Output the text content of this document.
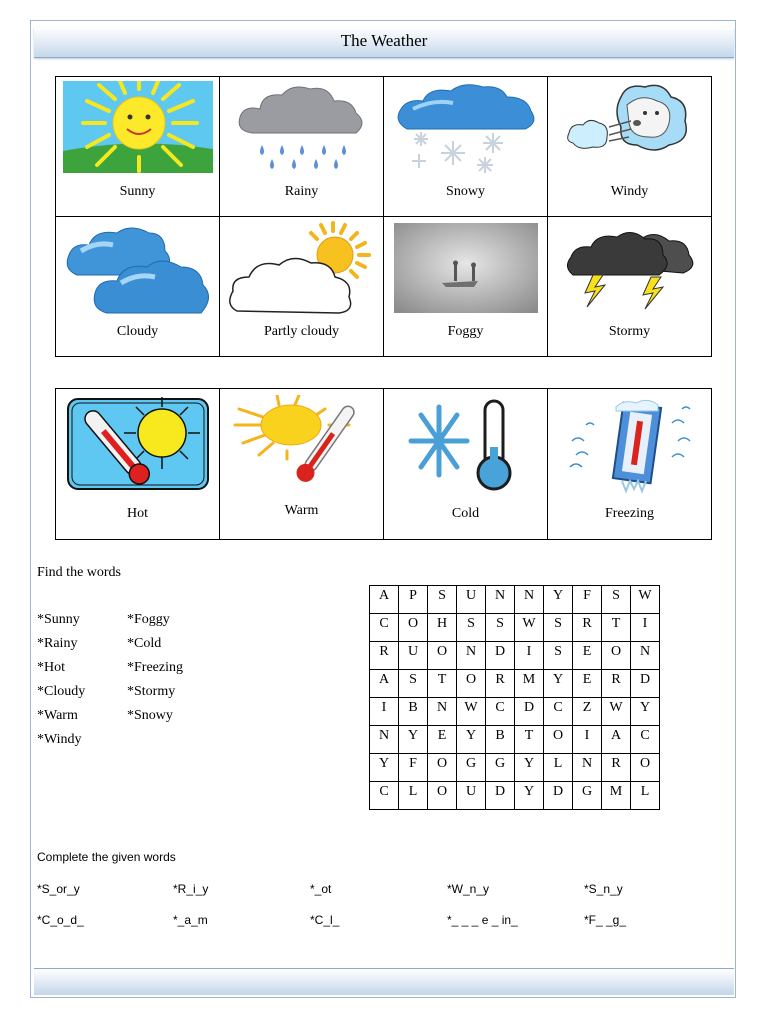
The Weather
Sunny	Rainy	Snowy	Windy

Cloudy	Partly cloudy	Foggy	Stormy
Hot	Warm	Cold	Freezing
Find the words
*Sunny
*Rainy
*Hot
*Cloudy
*Warm
*Windy
*Foggy
*Cold
*Freezing
*Stormy
*Snowy
A	P	S	U	N	N	Y	F	S	W
C	O	H	S	S	W	S	R	T	I
R	U	O	N	D	I	S	E	O	N
A	S	T	O	R	M	Y	E	R	D
I	B	N	W	C	D	C	Z	W	Y
N	Y	E	Y	B	T	O	I	A	C
Y	F	O	G	G	Y	L	N	R	O
C	L	O	U	D	Y	D	G	M	L
Complete the given words
*S_or_y	*R_i_y	*_ot	*W_n_y	*S_n_y
*C_o_d_	*_a_m	*C_l_	*_ _ _ e _ in_	*F_ _g_
